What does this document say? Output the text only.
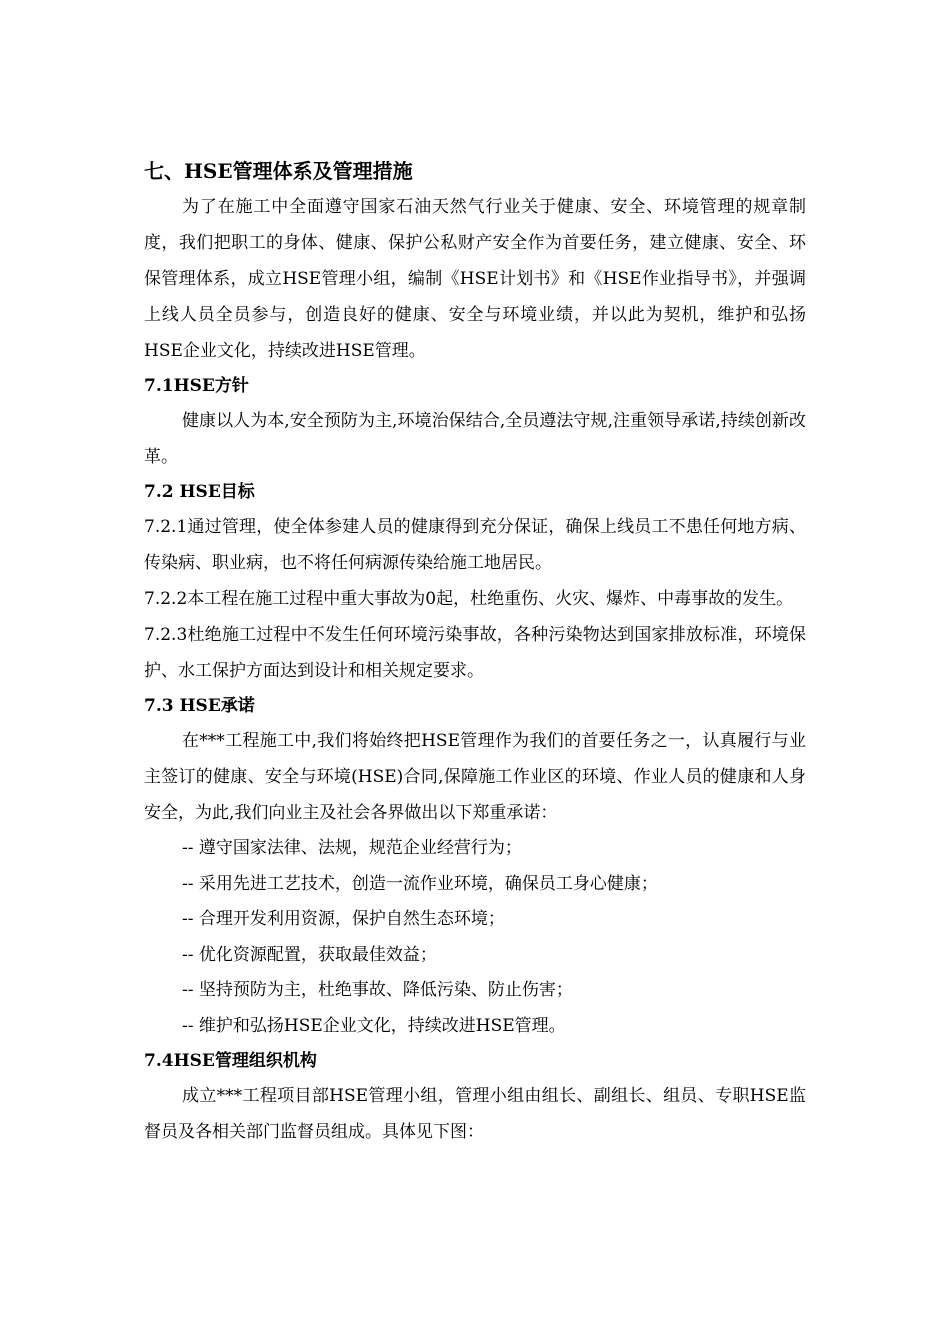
七、HSE管理体系及管理措施

为了在施工中全面遵守国家石油天然气行业关于健康、安全、环境管理的规章制度，我们把职工的身体、健康、保护公私财产安全作为首要任务，建立健康、安全、环保管理体系，成立HSE管理小组，编制《HSE计划书》和《HSE作业指导书》，并强调上线人员全员参与，创造良好的健康、安全与环境业绩，并以此为契机，维护和弘扬HSE企业文化，持续改进HSE管理。

7.1HSE方针

健康以人为本,安全预防为主,环境治保结合,全员遵法守规,注重领导承诺,持续创新改革。

7.2 HSE目标

7.2.1通过管理，使全体参建人员的健康得到充分保证，确保上线员工不患任何地方病、传染病、职业病，也不将任何病源传染给施工地居民。

7.2.2本工程在施工过程中重大事故为0起，杜绝重伤、火灾、爆炸、中毒事故的发生。

7.2.3杜绝施工过程中不发生任何环境污染事故，各种污染物达到国家排放标准，环境保护、水工保护方面达到设计和相关规定要求。

7.3 HSE承诺

在***工程施工中,我们将始终把HSE管理作为我们的首要任务之一，认真履行与业主签订的健康、安全与环境(HSE)合同,保障施工作业区的环境、作业人员的健康和人身安全，为此,我们向业主及社会各界做出以下郑重承诺：

-- 遵守国家法律、法规，规范企业经营行为；
-- 采用先进工艺技术，创造一流作业环境，确保员工身心健康；
-- 合理开发利用资源，保护自然生态环境；
-- 优化资源配置，获取最佳效益；
-- 坚持预防为主，杜绝事故、降低污染、防止伤害；
-- 维护和弘扬HSE企业文化，持续改进HSE管理。
7.4HSE管理组织机构

成立***工程项目部HSE管理小组，管理小组由组长、副组长、组员、专职HSE监督员及各相关部门监督员组成。具体见下图：
